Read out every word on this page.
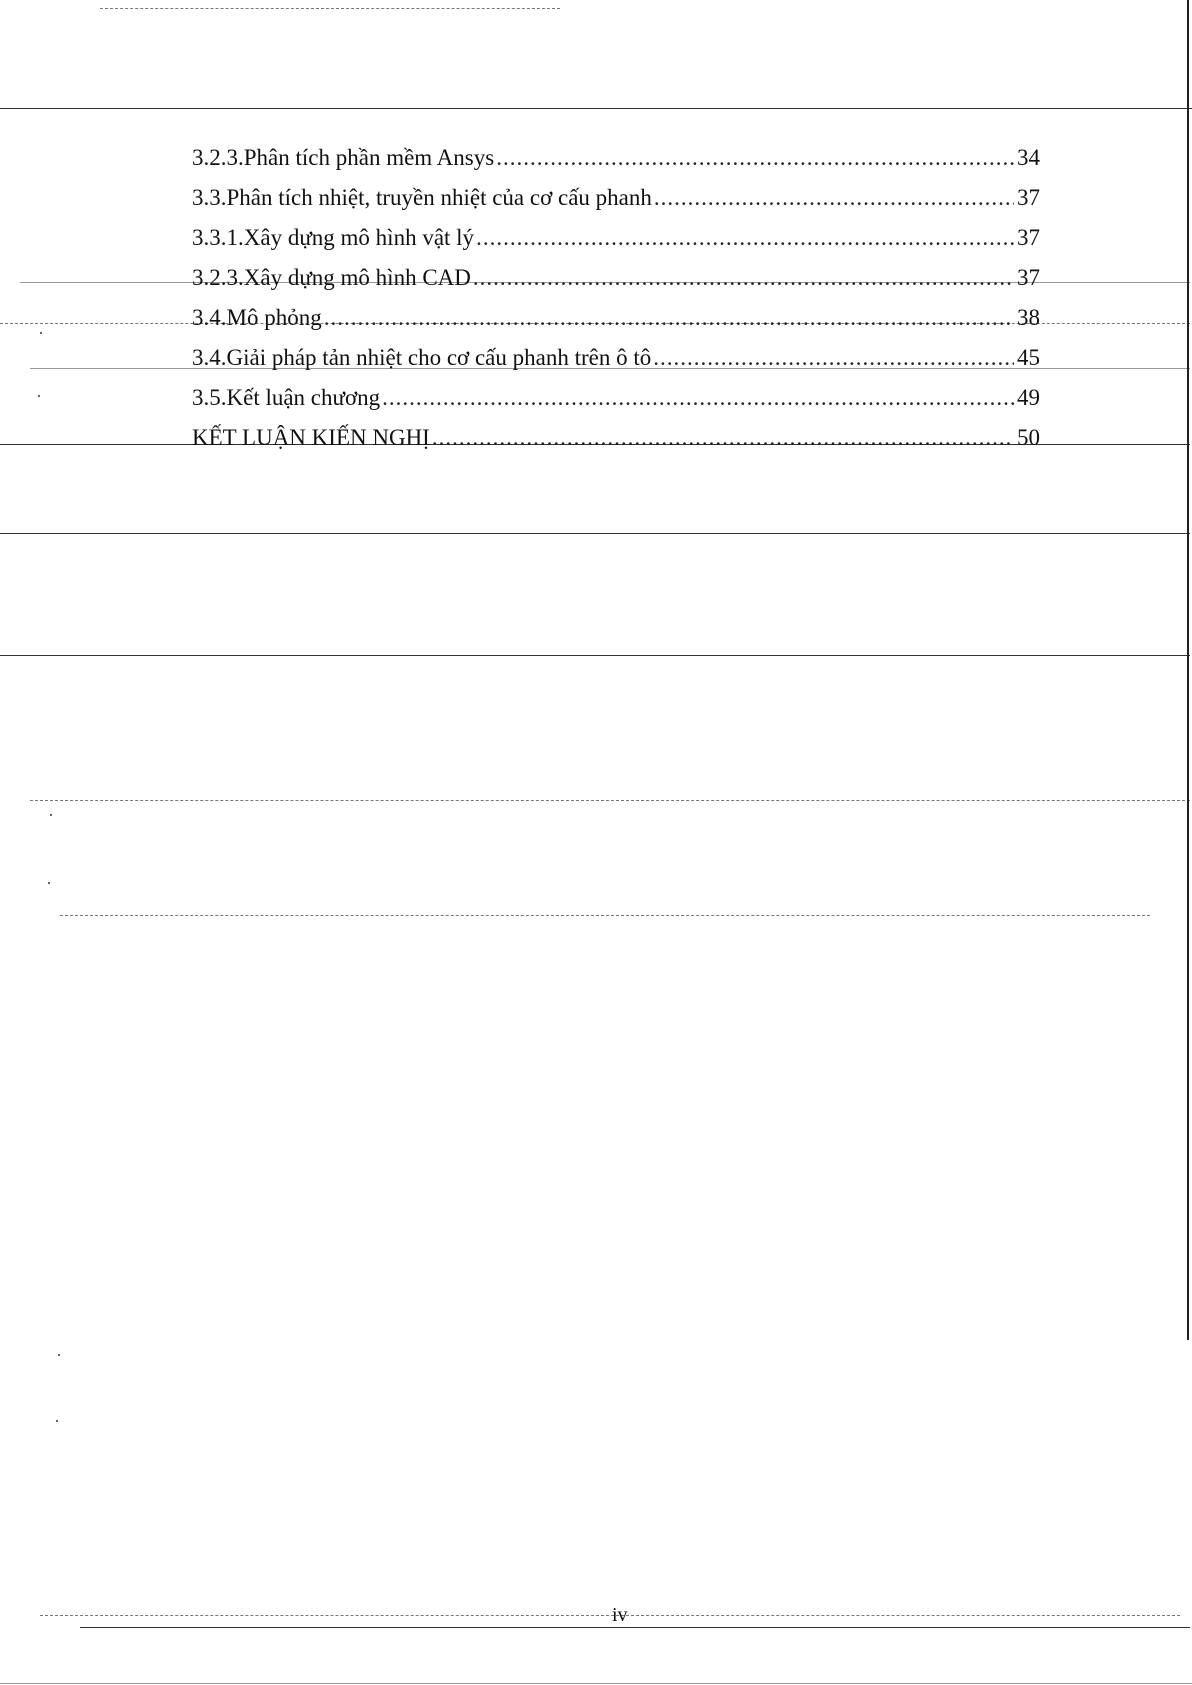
3.2.3.Phân tích phần mềm Ansys .....	34
3.3.Phân tích nhiệt, truyền nhiệt của cơ cấu phanh .....	37
3.3.1.Xây dựng mô hình vật lý .....	37
3.2.3.Xây dựng mô hình CAD .....	37
3.4.Mô phỏng .....	38
3.4.Giải pháp tản nhiệt cho cơ cấu phanh trên ô tô .....	45
3.5.Kết luận chương .....	49
KẾT LUẬN KIẾN NGHỊ .....	50
iv
